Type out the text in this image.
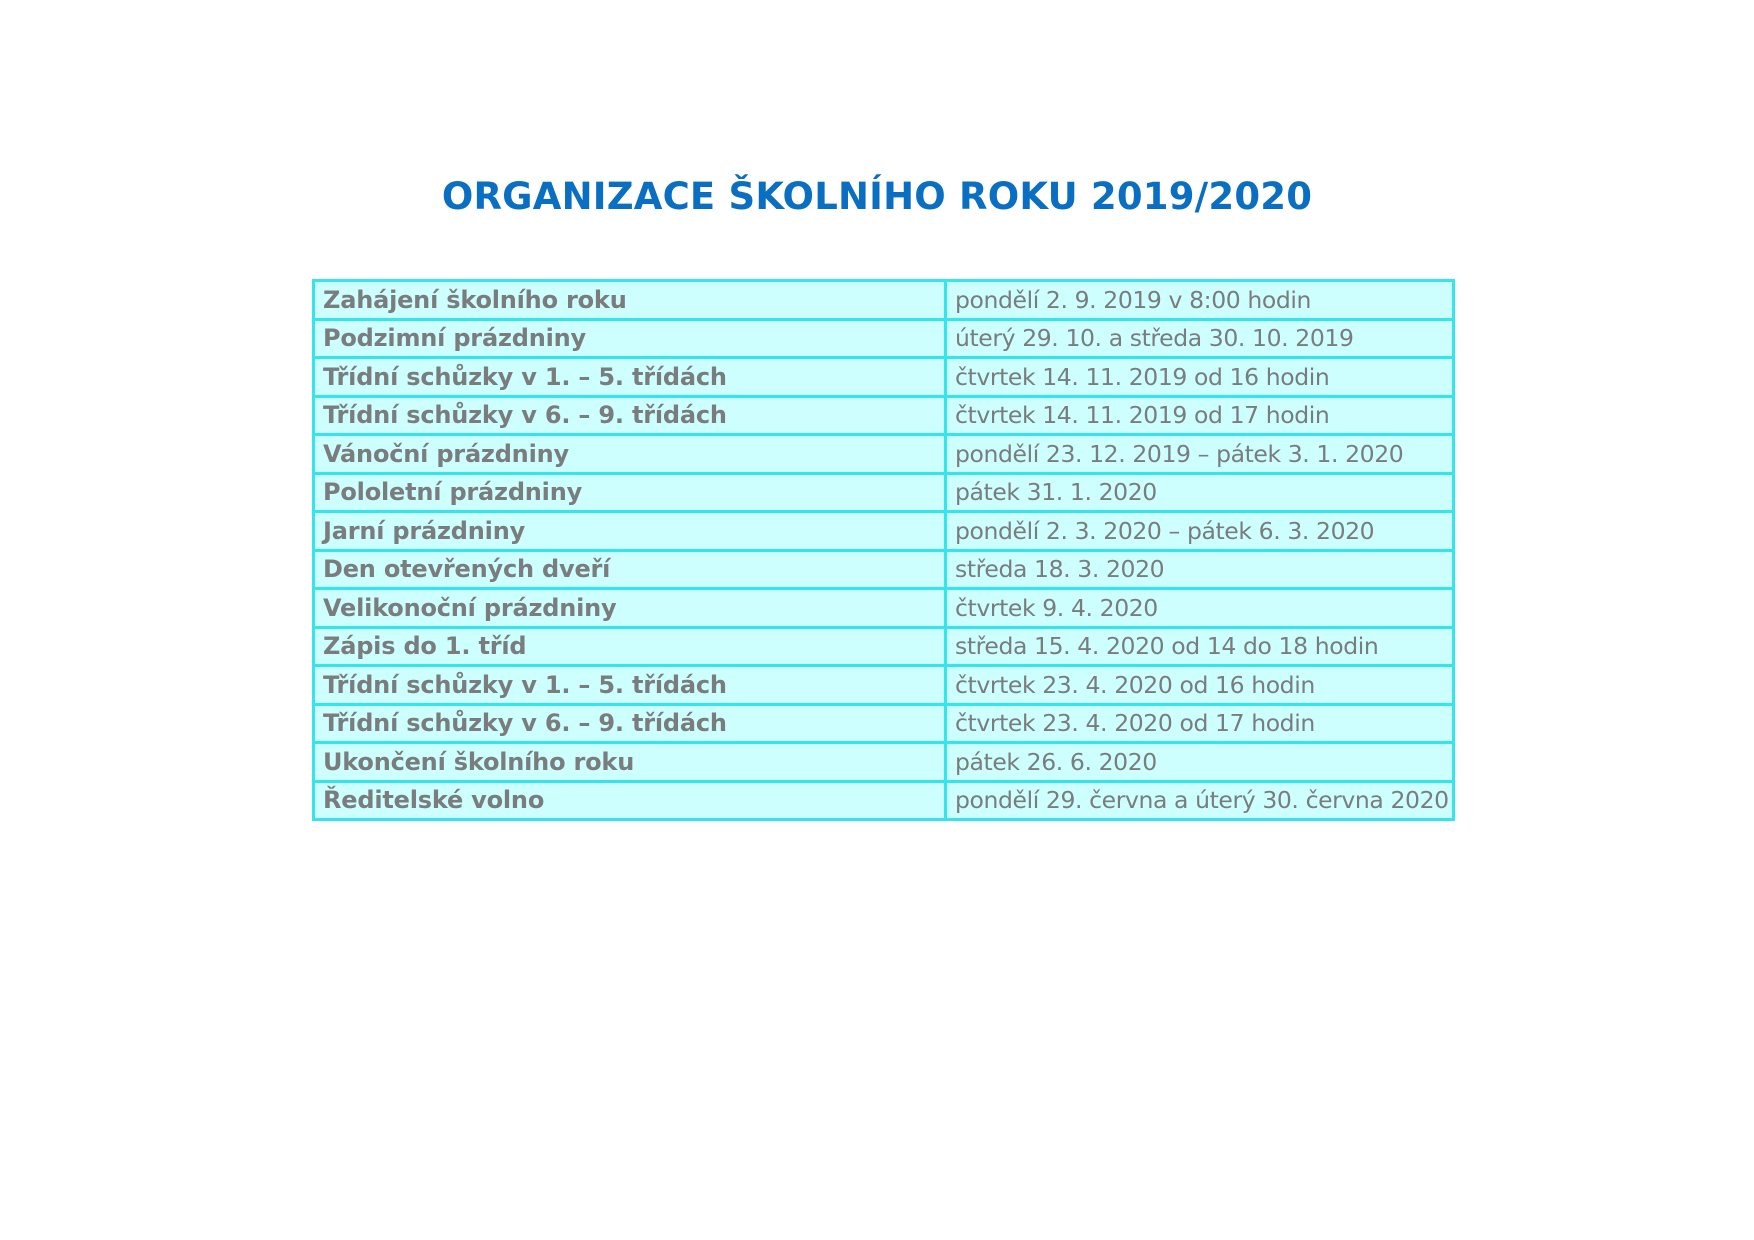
ORGANIZACE ŠKOLNÍHO ROKU 2019/2020
Zahájení školního roku	pondělí 2. 9. 2019 v 8:00 hodin
Podzimní prázdniny	úterý 29. 10. a středa 30. 10. 2019
Třídní schůzky v 1. – 5. třídách	čtvrtek 14. 11. 2019 od 16 hodin
Třídní schůzky v 6. – 9. třídách	čtvrtek 14. 11. 2019 od 17 hodin
Vánoční prázdniny	pondělí 23. 12. 2019 – pátek 3. 1. 2020
Pololetní prázdniny	pátek 31. 1. 2020
Jarní prázdniny	pondělí 2. 3. 2020 – pátek 6. 3. 2020
Den otevřených dveří	středa 18. 3. 2020
Velikonoční prázdniny	čtvrtek 9. 4. 2020
Zápis do 1. tříd	středa 15. 4. 2020 od 14 do 18 hodin
Třídní schůzky v 1. – 5. třídách	čtvrtek 23. 4. 2020 od 16 hodin
Třídní schůzky v 6. – 9. třídách	čtvrtek 23. 4. 2020 od 17 hodin
Ukončení školního roku	pátek 26. 6. 2020
Ředitelské volno	pondělí 29. června a úterý 30. června 2020
